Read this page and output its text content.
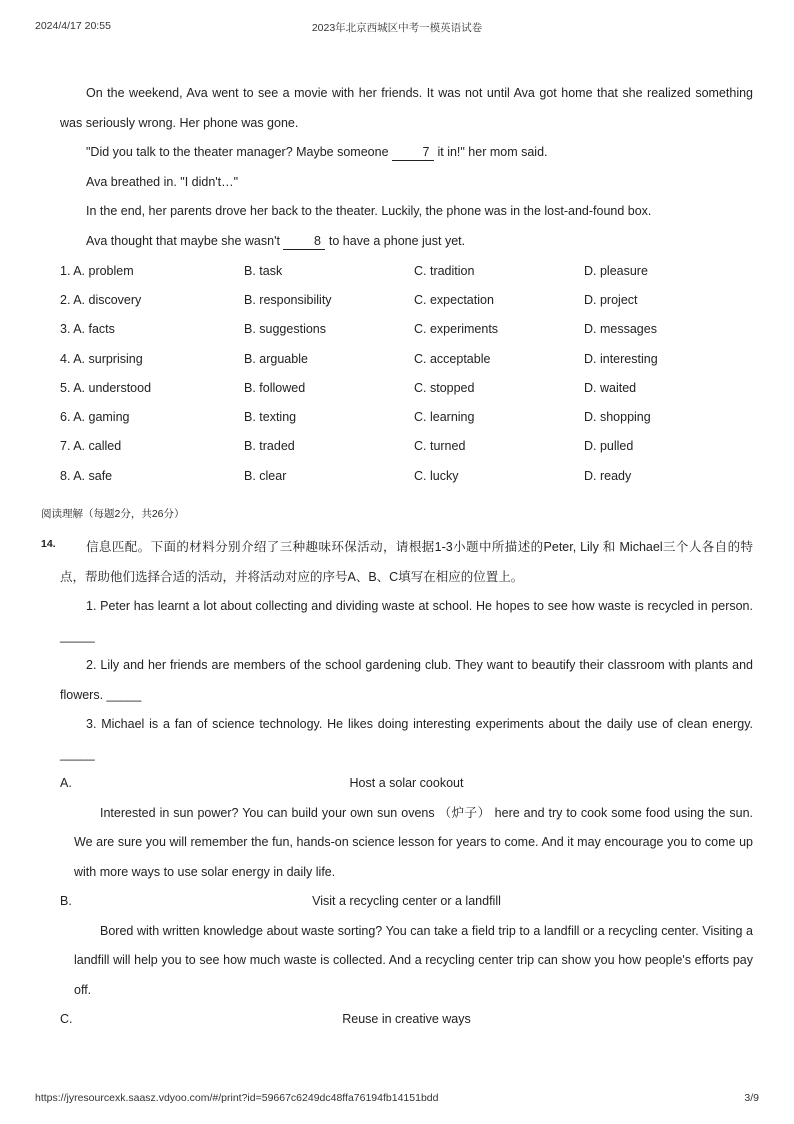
2024/4/17 20:55	2023年北京西城区中考一模英语试卷
On the weekend, Ava went to see a movie with her friends. It was not until Ava got home that she realized something was seriously wrong. Her phone was gone.
"Did you talk to the theater manager? Maybe someone 7 it in!" her mom said.
Ava breathed in. "I didn't…"
In the end, her parents drove her back to the theater. Luckily, the phone was in the lost-and-found box.
Ava thought that maybe she wasn't 8 to have a phone just yet.
1. A. problem	B. task	C. tradition	D. pleasure
2. A. discovery	B. responsibility	C. expectation	D. project
3. A. facts	B. suggestions	C. experiments	D. messages
4. A. surprising	B. arguable	C. acceptable	D. interesting
5. A. understood	B. followed	C. stopped	D. waited
6. A. gaming	B. texting	C. learning	D. shopping
7. A. called	B. traded	C. turned	D. pulled
8. A. safe	B. clear	C. lucky	D. ready
阅读理解（每题2分，共26分）
14.	信息匹配。下面的材料分别介绍了三种趣味环保活动，请根据1-3小题中所描述的Peter, Lily 和 Michael三个人各自的特点，帮助他们选择合适的活动，并将活动对应的序号A、B、C填写在相应的位置上。
1. Peter has learnt a lot about collecting and dividing waste at school. He hopes to see how waste is recycled in person. _____
2. Lily and her friends are members of the school gardening club. They want to beautify their classroom with plants and flowers. _____
3. Michael is a fan of science technology. He likes doing interesting experiments about the daily use of clean energy. _____
A.	Host a solar cookout
Interested in sun power? You can build your own sun ovens （炉子） here and try to cook some food using the sun. We are sure you will remember the fun, hands-on science lesson for years to come. And it may encourage you to come up with more ways to use solar energy in daily life.
B.	Visit a recycling center or a landfill
Bored with written knowledge about waste sorting? You can take a field trip to a landfill or a recycling center. Visiting a landfill will help you to see how much waste is collected. And a recycling center trip can show you how people's efforts pay off.
C.	Reuse in creative ways
https://jyresourcexk.saasz.vdyoo.com/#/print?id=59667c6249dc48ffa76194fb14151bdd	3/9
